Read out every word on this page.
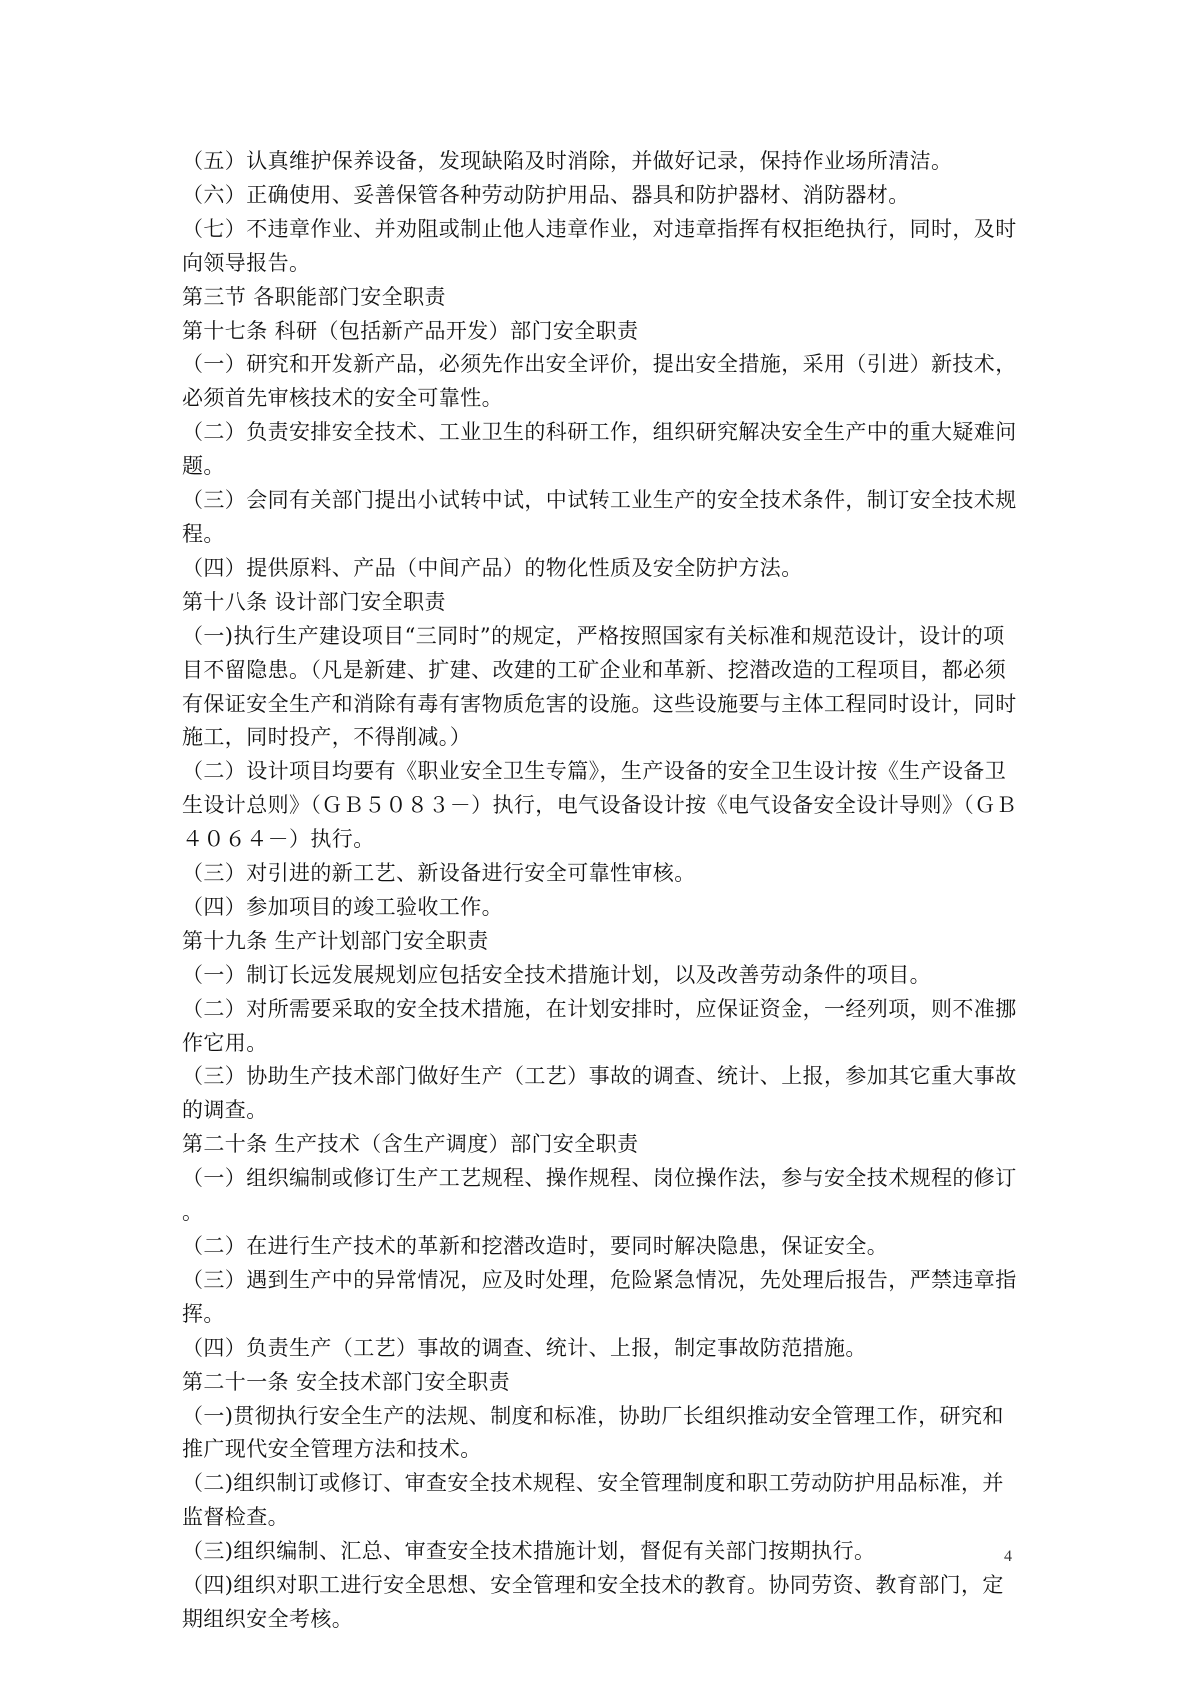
（五）认真维护保养设备，发现缺陷及时消除，并做好记录，保持作业场所清洁。

（六）正确使用、妥善保管各种劳动防护用品、器具和防护器材、消防器材。

（七）不违章作业、并劝阻或制止他人违章作业，对违章指挥有权拒绝执行，同时，及时向领导报告。

第三节 各职能部门安全职责

第十七条 科研（包括新产品开发）部门安全职责

（一）研究和开发新产品，必须先作出安全评价，提出安全措施，采用（引进）新技术，必须首先审核技术的安全可靠性。

（二）负责安排安全技术、工业卫生的科研工作，组织研究解决安全生产中的重大疑难问题。

（三）会同有关部门提出小试转中试，中试转工业生产的安全技术条件，制订安全技术规程。

（四）提供原料、产品（中间产品）的物化性质及安全防护方法。

第十八条 设计部门安全职责

（一)执行生产建设项目“三同时”的规定，严格按照国家有关标准和规范设计，设计的项目不留隐患。（凡是新建、扩建、改建的工矿企业和革新、挖潜改造的工程项目，都必须有保证安全生产和消除有毒有害物质危害的设施。这些设施要与主体工程同时设计，同时施工，同时投产，不得削减。）

（二）设计项目均要有《职业安全卫生专篇》，生产设备的安全卫生设计按《生产设备卫生设计总则》（ＧＢ５０８３－）执行，电气设备设计按《电气设备安全设计导则》（ＧＢ４０６４－）执行。

（三）对引进的新工艺、新设备进行安全可靠性审核。

（四）参加项目的竣工验收工作。

第十九条 生产计划部门安全职责

（一）制订长远发展规划应包括安全技术措施计划，以及改善劳动条件的项目。

（二）对所需要采取的安全技术措施，在计划安排时，应保证资金，一经列项，则不准挪作它用。

（三）协助生产技术部门做好生产（工艺）事故的调查、统计、上报，参加其它重大事故的调查。

第二十条 生产技术（含生产调度）部门安全职责

（一）组织编制或修订生产工艺规程、操作规程、岗位操作法，参与安全技术规程的修订。

（二）在进行生产技术的革新和挖潜改造时，要同时解决隐患，保证安全。

（三）遇到生产中的异常情况，应及时处理，危险紧急情况，先处理后报告，严禁违章指挥。

（四）负责生产（工艺）事故的调查、统计、上报，制定事故防范措施。

第二十一条 安全技术部门安全职责

（一)贯彻执行安全生产的法规、制度和标准，协助厂长组织推动安全管理工作，研究和推广现代安全管理方法和技术。

（二)组织制订或修订、审查安全技术规程、安全管理制度和职工劳动防护用品标准，并监督检查。

（三)组织编制、汇总、审查安全技术措施计划，督促有关部门按期执行。

（四)组织对职工进行安全思想、安全管理和安全技术的教育。协同劳资、教育部门，定期组织安全考核。

4
